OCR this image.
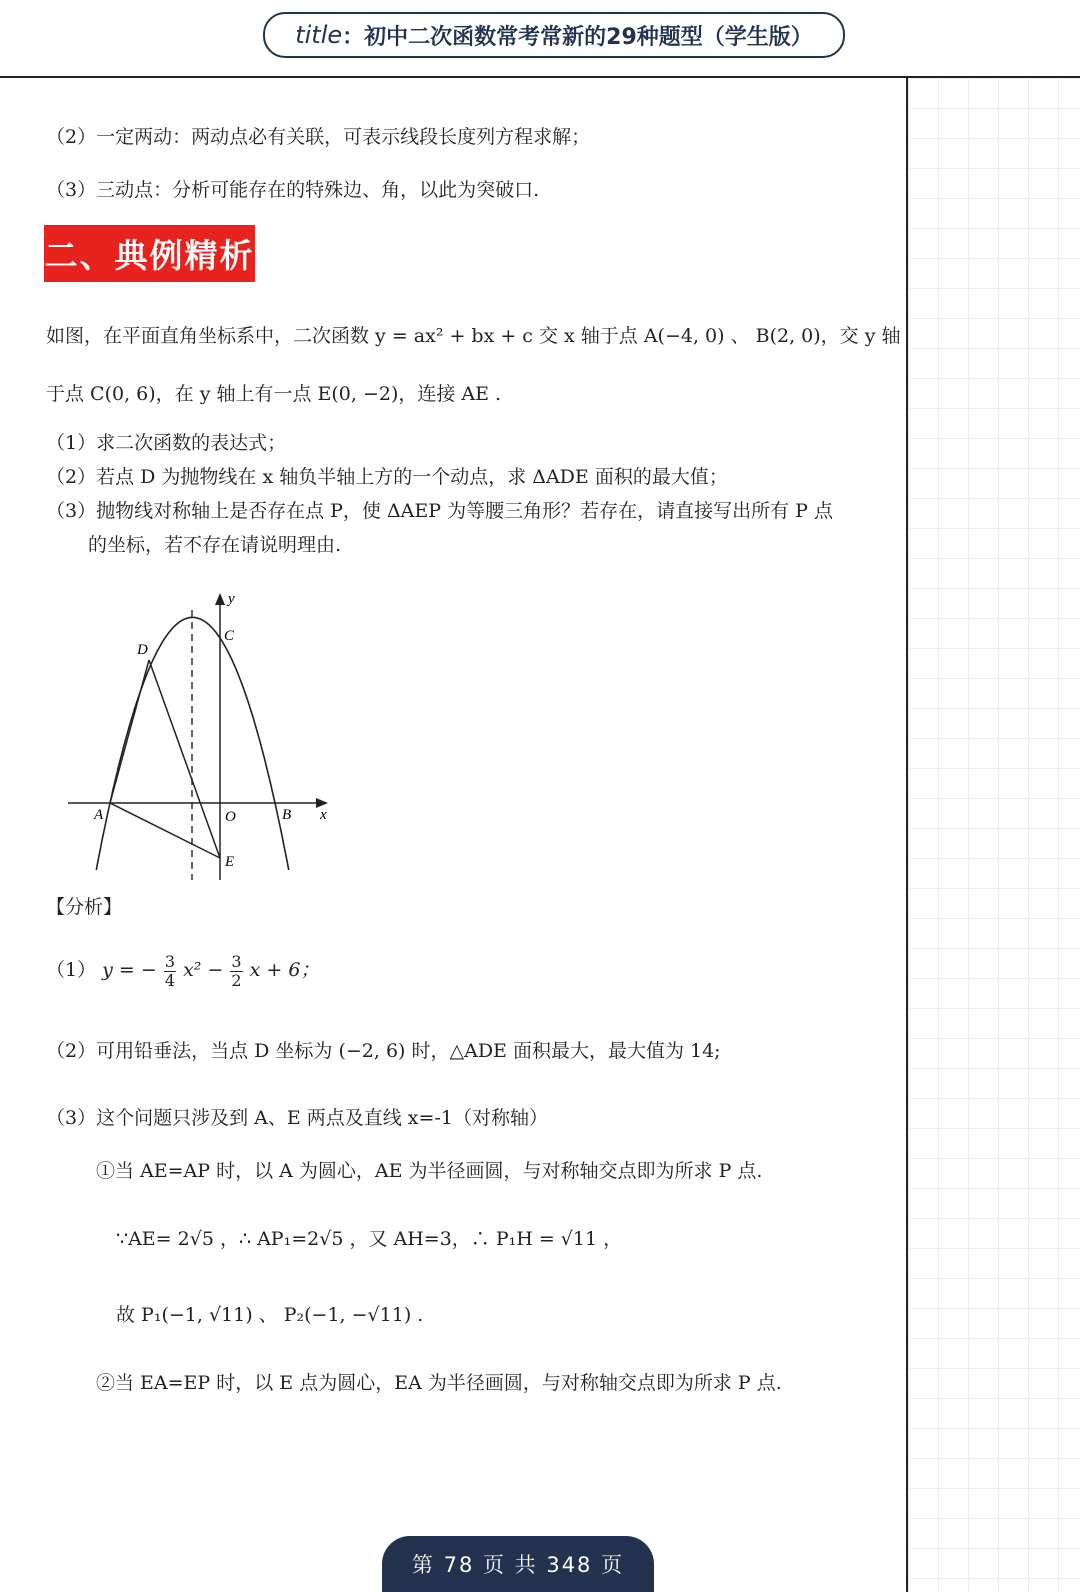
title ：初中二次函数常考常新的29种题型（学生版）
（2）一定两动：两动点必有关联，可表示线段长度列方程求解；
（3）三动点：分析可能存在的特殊边、角，以此为突破口.
二、典例精析
如图，在平面直角坐标系中，二次函数 y = ax² + bx + c 交 x 轴于点 A(−4, 0) 、 B(2, 0)，交 y 轴
于点 C(0, 6)，在 y 轴上有一点 E(0, −2)，连接 AE .
（1）求二次函数的表达式；
（2）若点 D 为抛物线在 x 轴负半轴上方的一个动点，求 ΔADE 面积的最大值；
（3）抛物线对称轴上是否存在点 P，使 ΔAEP 为等腰三角形？若存在，请直接写出所有 P 点
的坐标，若不存在请说明理由.
y
C
D
A	O	B x
E
【分析】
（1） y = − $\frac{3}{4} x^2 - \frac{3}{2}$ x + 6；
（2）可用铅垂法，当点 D 坐标为 (−2, 6) 时，△ADE 面积最大，最大值为 14;
（3）这个问题只涉及到 A、E 两点及直线 x=-1（对称轴）
①当 AE=AP 时，以 A 为圆心，AE 为半径画圆，与对称轴交点即为所求 P 点.
∵AE= 2√5 ，∴ AP₁=2√5 ，又 AH=3，∴ P₁H = √11 ，
故 P₁(−1, √11) 、 P₂(−1, −√11) .
②当 EA=EP 时，以 E 点为圆心，EA 为半径画圆，与对称轴交点即为所求 P 点.
第 78 页 共 348 页
